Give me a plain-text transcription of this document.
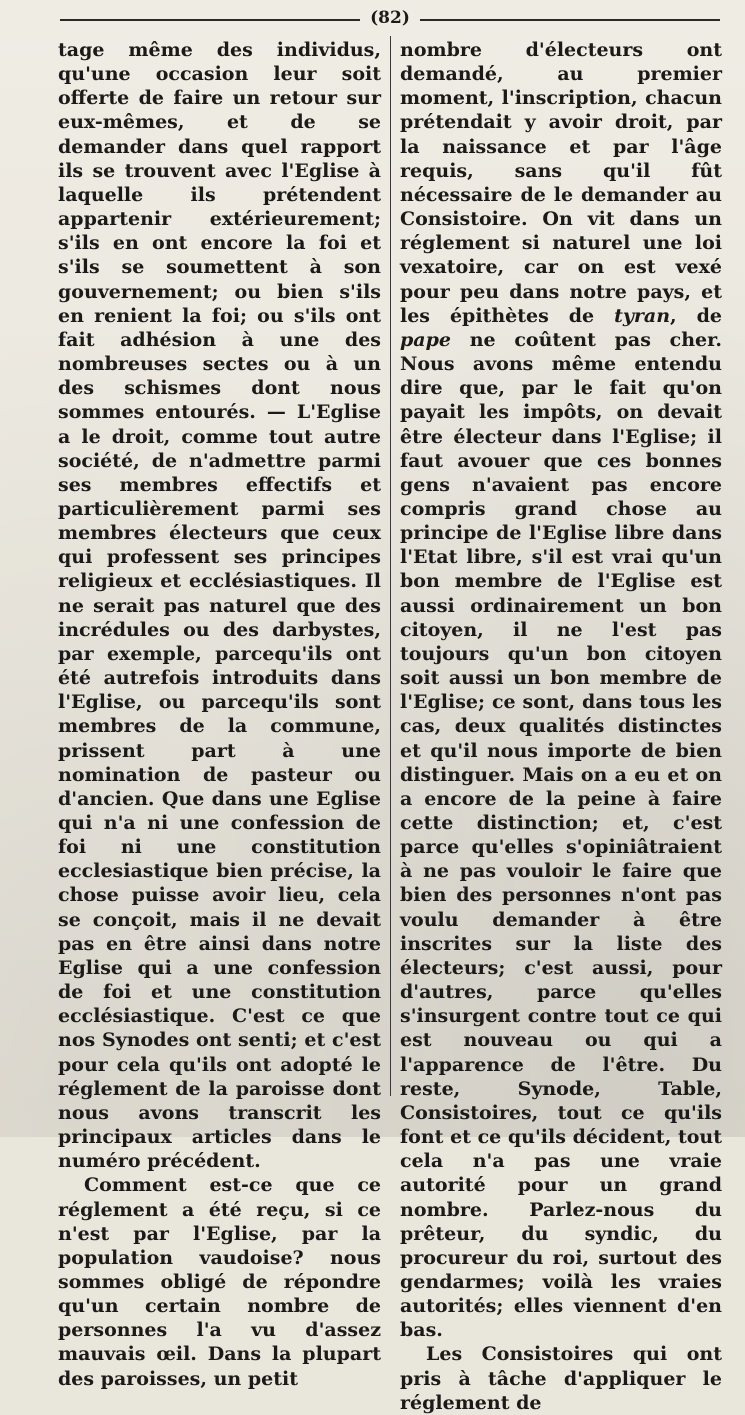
(82)

tage même des individus, qu'une occasion leur soit offerte de faire un retour sur eux-mêmes, et de se demander dans quel rapport ils se trouvent avec l'Eglise à laquelle ils prétendent appartenir extérieurement; s'ils en ont encore la foi et s'ils se soumettent à son gouvernement; ou bien s'ils en renient la foi; ou s'ils ont fait adhésion à une des nombreuses sectes ou à un des schismes dont nous sommes entourés. — L'Eglise a le droit, comme tout autre société, de n'admettre parmi ses membres effectifs et particulièrement parmi ses membres électeurs que ceux qui professent ses principes religieux et ecclésiastiques. Il ne serait pas naturel que des incrédules ou des darbystes, par exemple, parcequ'ils ont été autrefois introduits dans l'Eglise, ou parcequ'ils sont membres de la commune, prissent part à une nomination de pasteur ou d'ancien. Que dans une Eglise qui n'a ni une confession de foi ni une constitution ecclesiastique bien précise, la chose puisse avoir lieu, cela se conçoit, mais il ne devait pas en être ainsi dans notre Eglise qui a une confession de foi et une constitution ecclésiastique. C'est ce que nos Synodes ont senti; et c'est pour cela qu'ils ont adopté le réglement de la paroisse dont nous avons transcrit les principaux articles dans le numéro précédent.

Comment est-ce que ce réglement a été reçu, si ce n'est par l'Eglise, par la population vaudoise? nous sommes obligé de répondre qu'un certain nombre de personnes l'a vu d'assez mauvais œil. Dans la plupart des paroisses, un petit

nombre d'électeurs ont demandé, au premier moment, l'inscription, chacun prétendait y avoir droit, par la naissance et par l'âge requis, sans qu'il fût nécessaire de le demander au Consistoire. On vit dans un réglement si naturel une loi vexatoire, car on est vexé pour peu dans notre pays, et les épithètes de tyran, de pape ne coûtent pas cher. Nous avons même entendu dire que, par le fait qu'on payait les impôts, on devait être électeur dans l'Eglise; il faut avouer que ces bonnes gens n'avaient pas encore compris grand chose au principe de l'Eglise libre dans l'Etat libre, s'il est vrai qu'un bon membre de l'Eglise est aussi ordinairement un bon citoyen, il ne l'est pas toujours qu'un bon citoyen soit aussi un bon membre de l'Eglise; ce sont, dans tous les cas, deux qualités distinctes et qu'il nous importe de bien distinguer. Mais on a eu et on a encore de la peine à faire cette distinction; et, c'est parce qu'elles s'opiniâtraient à ne pas vouloir le faire que bien des personnes n'ont pas voulu demander à être inscrites sur la liste des électeurs; c'est aussi, pour d'autres, parce qu'elles s'insurgent contre tout ce qui est nouveau ou qui a l'apparence de l'être. Du reste, Synode, Table, Consistoires, tout ce qu'ils font et ce qu'ils décident, tout cela n'a pas une vraie autorité pour un grand nombre. Parlez-nous du prêteur, du syndic, du procureur du roi, surtout des gendarmes; voilà les vraies autorités; elles viennent d'en bas.

Les Consistoires qui ont pris à tâche d'appliquer le réglement de
